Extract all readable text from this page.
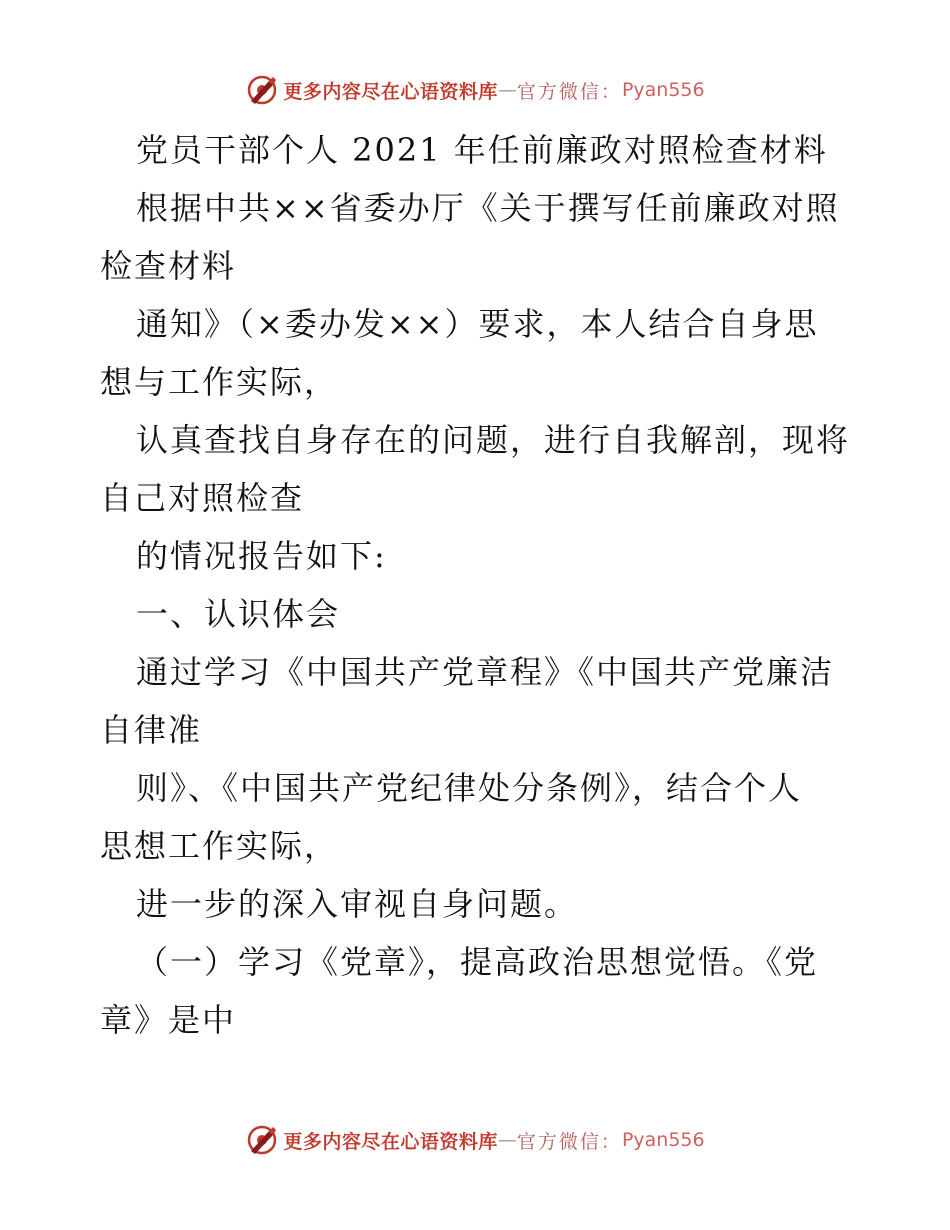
更多内容尽在心语资料库 — 官方微信： Pyan556
党员干部个人 2021 年任前廉政对照检查材料
根据中共××省委办厅《关于撰写任前廉政对照
检查材料
通知》（×委办发××）要求，本人结合自身思
想与工作实际，
认真查找自身存在的问题，进行自我解剖，现将
自己对照检查
的情况报告如下:
一、认识体会
通过学习《中国共产党章程》《中国共产党廉洁
自律准
则》、《中国共产党纪律处分条例》，结合个人
思想工作实际，
进一步的深入审视自身问题。
（一）学习《党章》，提高政治思想觉悟。《党
章》是中
更多内容尽在心语资料库 — 官方微信： Pyan556
